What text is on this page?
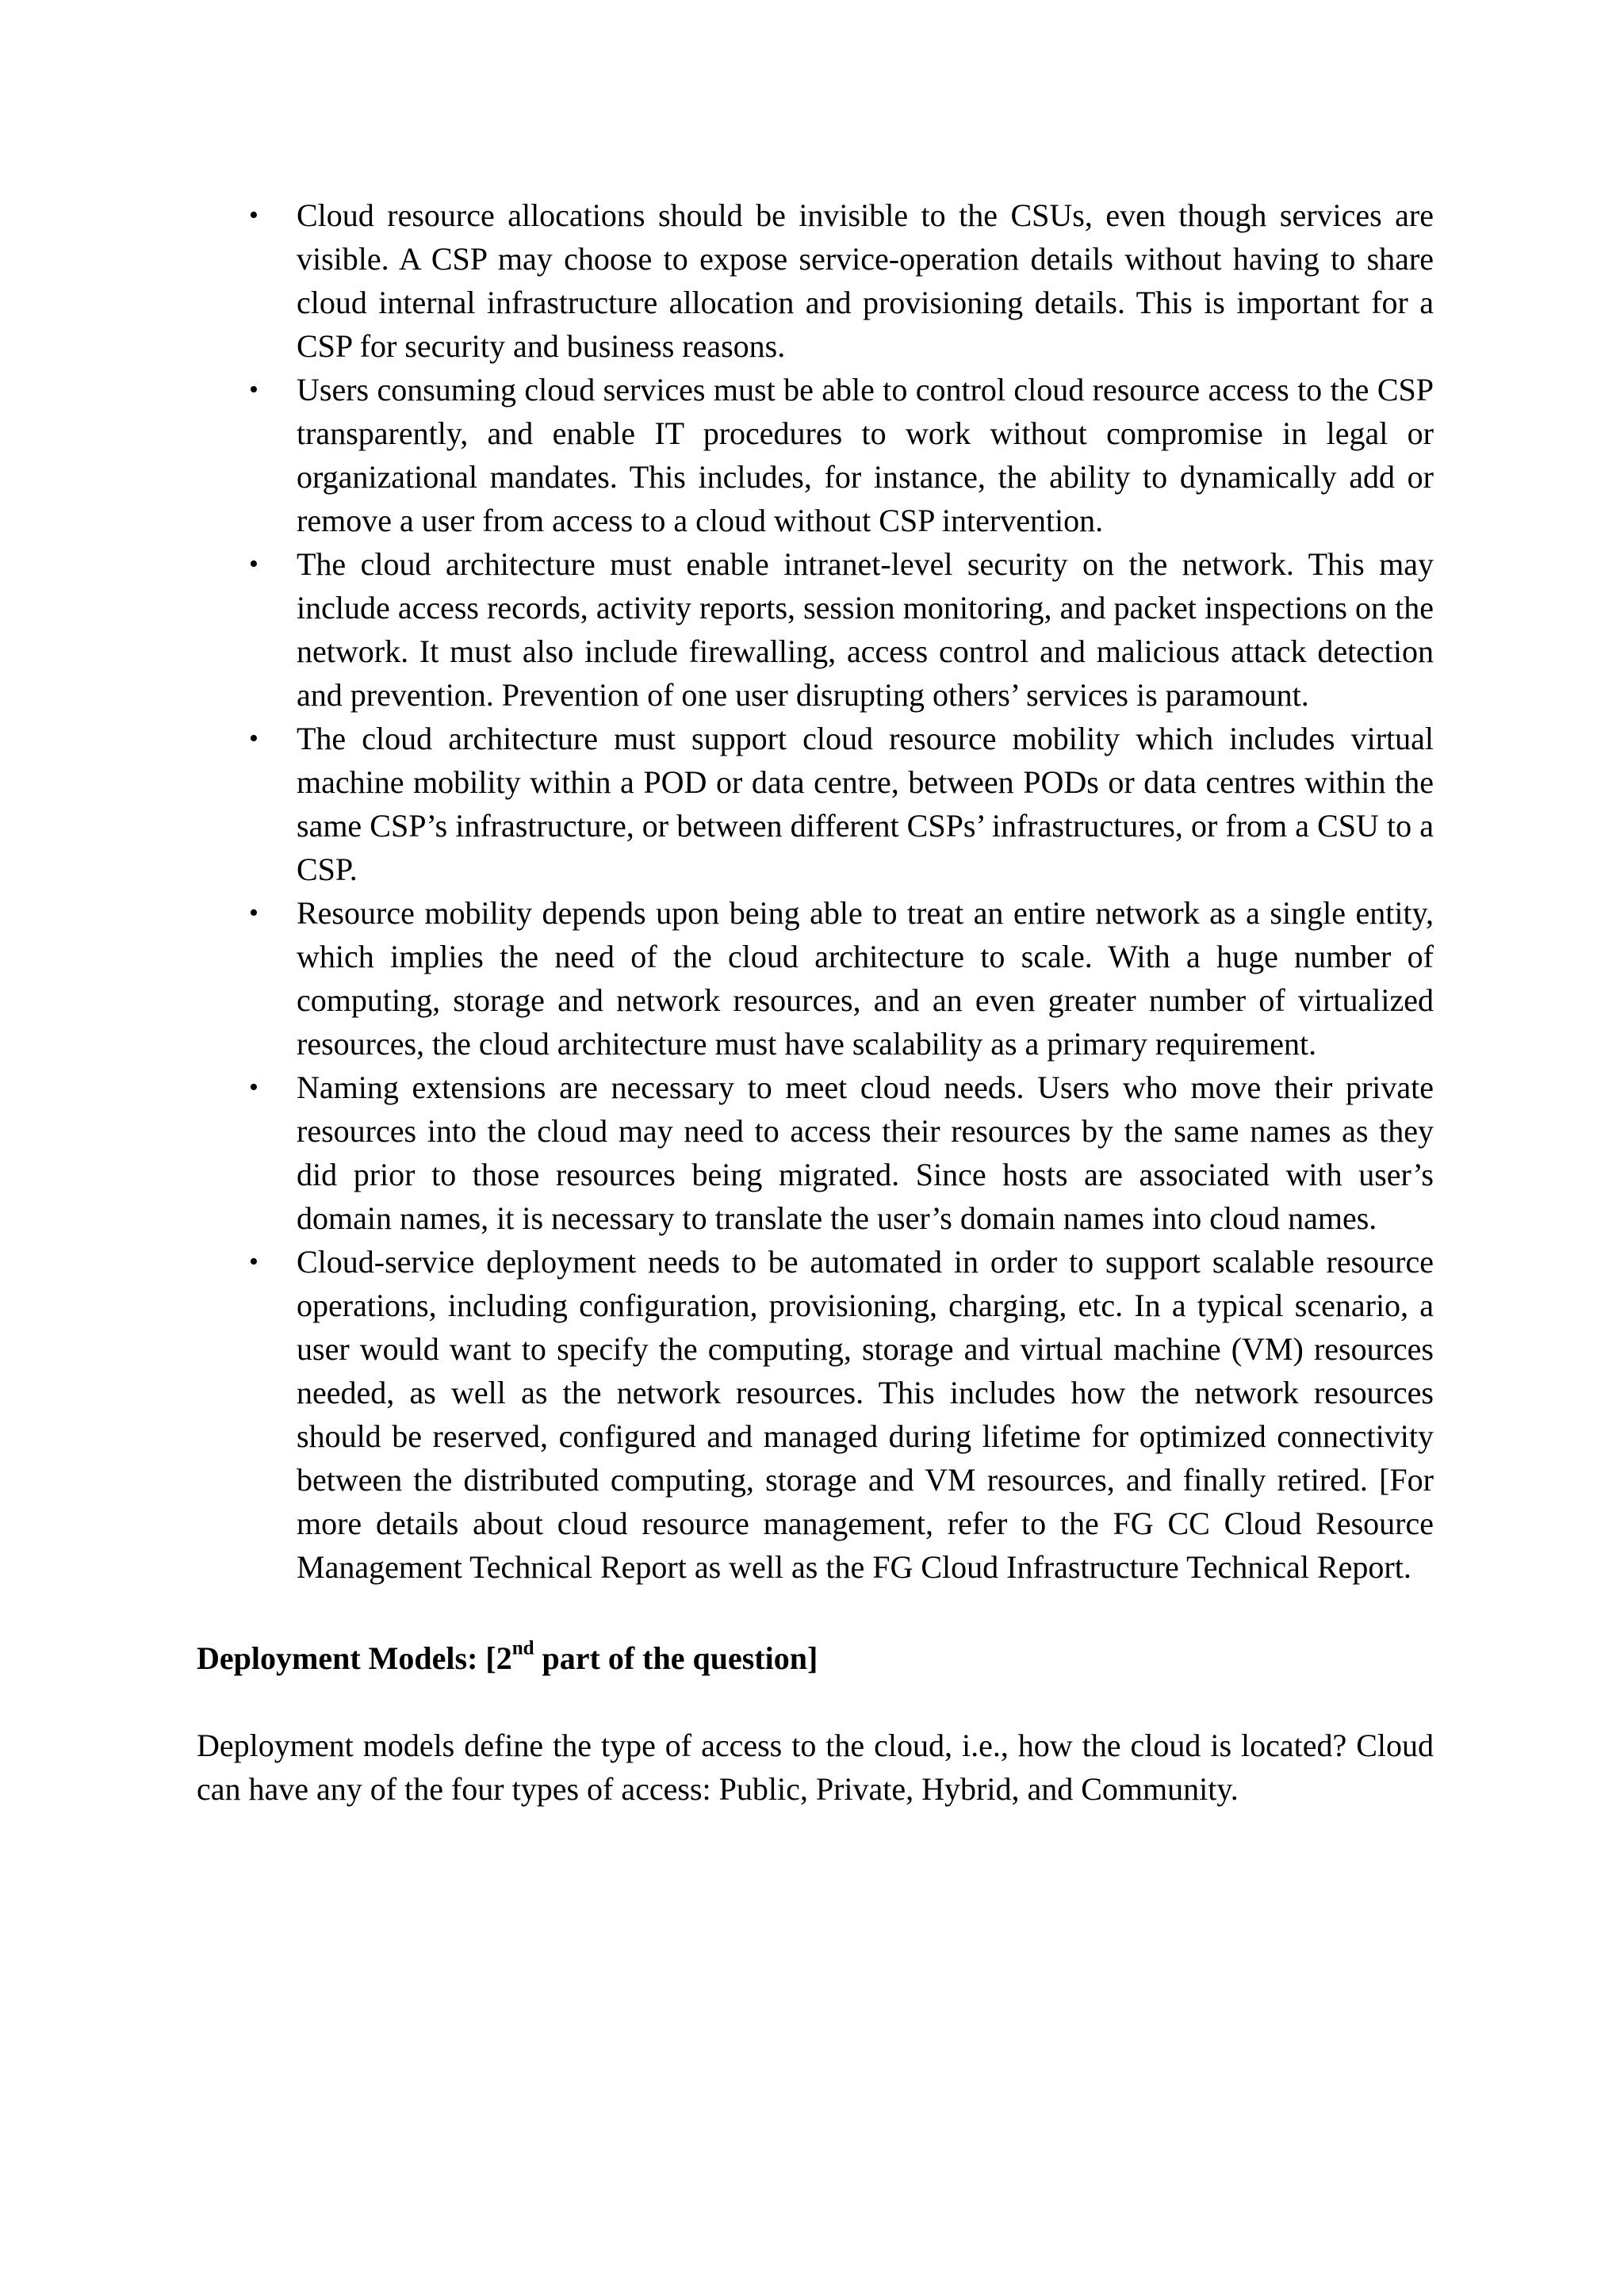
• Cloud resource allocations should be invisible to the CSUs, even though services are visible. A CSP may choose to expose service-operation details without having to share cloud internal infrastructure allocation and provisioning details. This is important for a CSP for security and business reasons.
• Users consuming cloud services must be able to control cloud resource access to the CSP transparently, and enable IT procedures to work without compromise in legal or organizational mandates. This includes, for instance, the ability to dynamically add or remove a user from access to a cloud without CSP intervention.
• The cloud architecture must enable intranet-level security on the network. This may include access records, activity reports, session monitoring, and packet inspections on the network. It must also include firewalling, access control and malicious attack detection and prevention. Prevention of one user disrupting others’ services is paramount.
• The cloud architecture must support cloud resource mobility which includes virtual machine mobility within a POD or data centre, between PODs or data centres within the same CSP’s infrastructure, or between different CSPs’ infrastructures, or from a CSU to a CSP.
• Resource mobility depends upon being able to treat an entire network as a single entity, which implies the need of the cloud architecture to scale. With a huge number of computing, storage and network resources, and an even greater number of virtualized resources, the cloud architecture must have scalability as a primary requirement.
• Naming extensions are necessary to meet cloud needs. Users who move their private resources into the cloud may need to access their resources by the same names as they did prior to those resources being migrated. Since hosts are associated with user’s domain names, it is necessary to translate the user’s domain names into cloud names.
• Cloud-service deployment needs to be automated in order to support scalable resource operations, including configuration, provisioning, charging, etc. In a typical scenario, a user would want to specify the computing, storage and virtual machine (VM) resources needed, as well as the network resources. This includes how the network resources should be reserved, configured and managed during lifetime for optimized connectivity between the distributed computing, storage and VM resources, and finally retired. [For more details about cloud resource management, refer to the FG CC Cloud Resource Management Technical Report as well as the FG Cloud Infrastructure Technical Report.
Deployment Models: [2nd part of the question]

Deployment models define the type of access to the cloud, i.e., how the cloud is located? Cloud can have any of the four types of access: Public, Private, Hybrid, and Community.
